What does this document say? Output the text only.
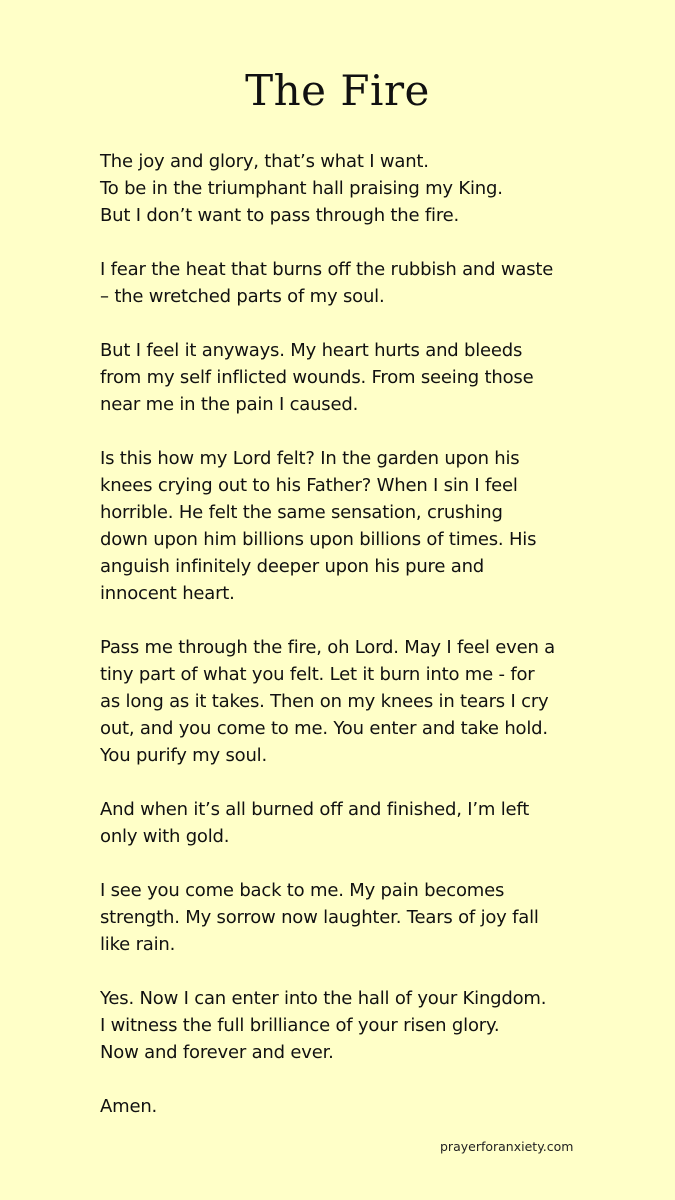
The Fire

The joy and glory, that’s what I want.
To be in the triumphant hall praising my King.
But I don’t want to pass through the fire.

I fear the heat that burns off the rubbish and waste
– the wretched parts of my soul.

But I feel it anyways. My heart hurts and bleeds
from my self inflicted wounds. From seeing those
near me in the pain I caused.

Is this how my Lord felt? In the garden upon his
knees crying out to his Father? When I sin I feel
horrible. He felt the same sensation, crushing
down upon him billions upon billions of times. His
anguish infinitely deeper upon his pure and
innocent heart.

Pass me through the fire, oh Lord. May I feel even a
tiny part of what you felt. Let it burn into me - for
as long as it takes. Then on my knees in tears I cry
out, and you come to me. You enter and take hold.
You purify my soul.

And when it’s all burned off and finished, I’m left
only with gold.

I see you come back to me. My pain becomes
strength. My sorrow now laughter. Tears of joy fall
like rain.

Yes. Now I can enter into the hall of your Kingdom.
I witness the full brilliance of your risen glory.
Now and forever and ever.

Amen.

prayerforanxiety.com
